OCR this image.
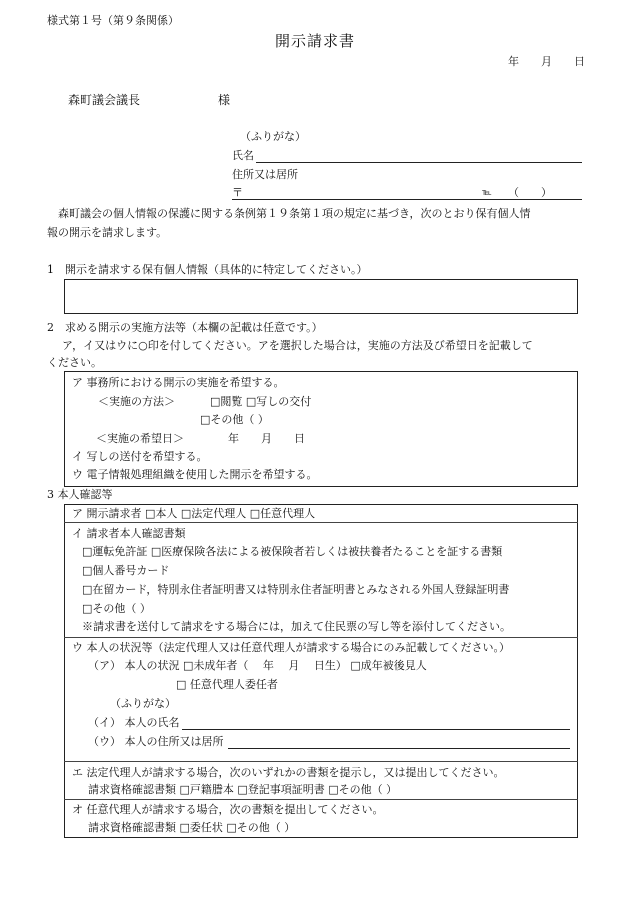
様式第１号（第９条関係）
開示請求書
年　　月　　日
森町議会議長	様
（ふりがな）
氏名
住所又は居所
〒	℡ （　　）
森町議会の個人情報の保護に関する条例第１９条第１項の規定に基づき，次のとおり保有個人情
報の開示を請求します。
1　開示を請求する保有個人情報（具体的に特定してください。）
2　求める開示の実施方法等（本欄の記載は任意です。）
ア，イ又はウに○印を付してください。アを選択した場合は，実施の方法及び希望日を記載して
ください。
ア 事務所における開示の実施を希望する。
＜実施の方法＞	□閲覧 □写しの交付
□その他（ ）
＜実施の希望日＞	年　　月　　日
イ 写しの送付を希望する。
ウ 電子情報処理組織を使用した開示を希望する。
3 本人確認等
ア 開示請求者 □本人 □法定代理人 □任意代理人
イ 請求者本人確認書類
□運転免許証 □医療保険各法による被保険者若しくは被扶養者たることを証する書類
□個人番号カード
□在留カード，特別永住者証明書又は特別永住者証明書とみなされる外国人登録証明書
□その他（ ）
※請求書を送付して請求をする場合には，加えて住民票の写し等を添付してください。
ウ 本人の状況等（法定代理人又は任意代理人が請求する場合にのみ記載してください。）
（ア） 本人の状況 □未成年者（　 年　 月　 日生） □成年被後見人
□ 任意代理人委任者
（ふりがな）
（イ） 本人の氏名
（ウ） 本人の住所又は居所
エ 法定代理人が請求する場合，次のいずれかの書類を提示し，又は提出してください。
請求資格確認書類 □戸籍謄本 □登記事項証明書 □その他（ ）
オ 任意代理人が請求する場合，次の書類を提出してください。
請求資格確認書類 □委任状 □その他（ ）
